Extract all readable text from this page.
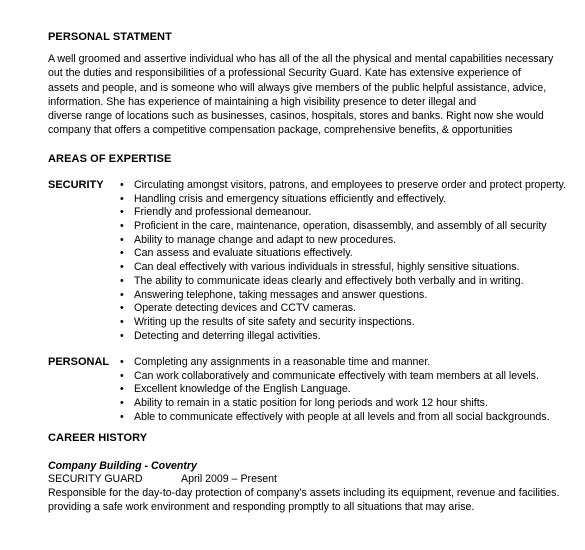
PERSONAL STATMENT
A well groomed and assertive individual who has all of the all the physical and mental capabilities necessary
out the duties and responsibilities of a professional Security Guard. Kate has extensive experience of
assets and people, and is someone who will always give members of the public helpful assistance, advice,
information. She has experience of maintaining a high visibility presence to deter illegal and
diverse range of locations such as businesses, casinos, hospitals, stores and banks. Right now she would
company that offers a competitive compensation package, comprehensive benefits, & opportunities
AREAS OF EXPERTISE
SECURITY	• Circulating amongst visitors, patrons, and employees to preserve order and protect property.
• Handling crisis and emergency situations efficiently and effectively.
• Friendly and professional demeanour.
• Proficient in the care, maintenance, operation, disassembly, and assembly of all security
• Ability to manage change and adapt to new procedures.
• Can assess and evaluate situations effectively.
• Can deal effectively with various individuals in stressful, highly sensitive situations.
• The ability to communicate ideas clearly and effectively both verbally and in writing.
• Answering telephone, taking messages and answer questions.
• Operate detecting devices and CCTV cameras.
• Writing up the results of site safety and security inspections.
• Detecting and deterring illegal activities.
PERSONAL	• Completing any assignments in a reasonable time and manner.
• Can work collaboratively and communicate effectively with team members at all levels.
• Excellent knowledge of the English Language.
• Ability to remain in a static position for long periods and work 12 hour shifts.
• Able to communicate effectively with people at all levels and from all social backgrounds.
CAREER HISTORY
Company Building - Coventry
SECURITY GUARD	April 2009 – Present
Responsible for the day-to-day protection of company's assets including its equipment, revenue and facilities.
providing a safe work environment and responding promptly to all situations that may arise.
